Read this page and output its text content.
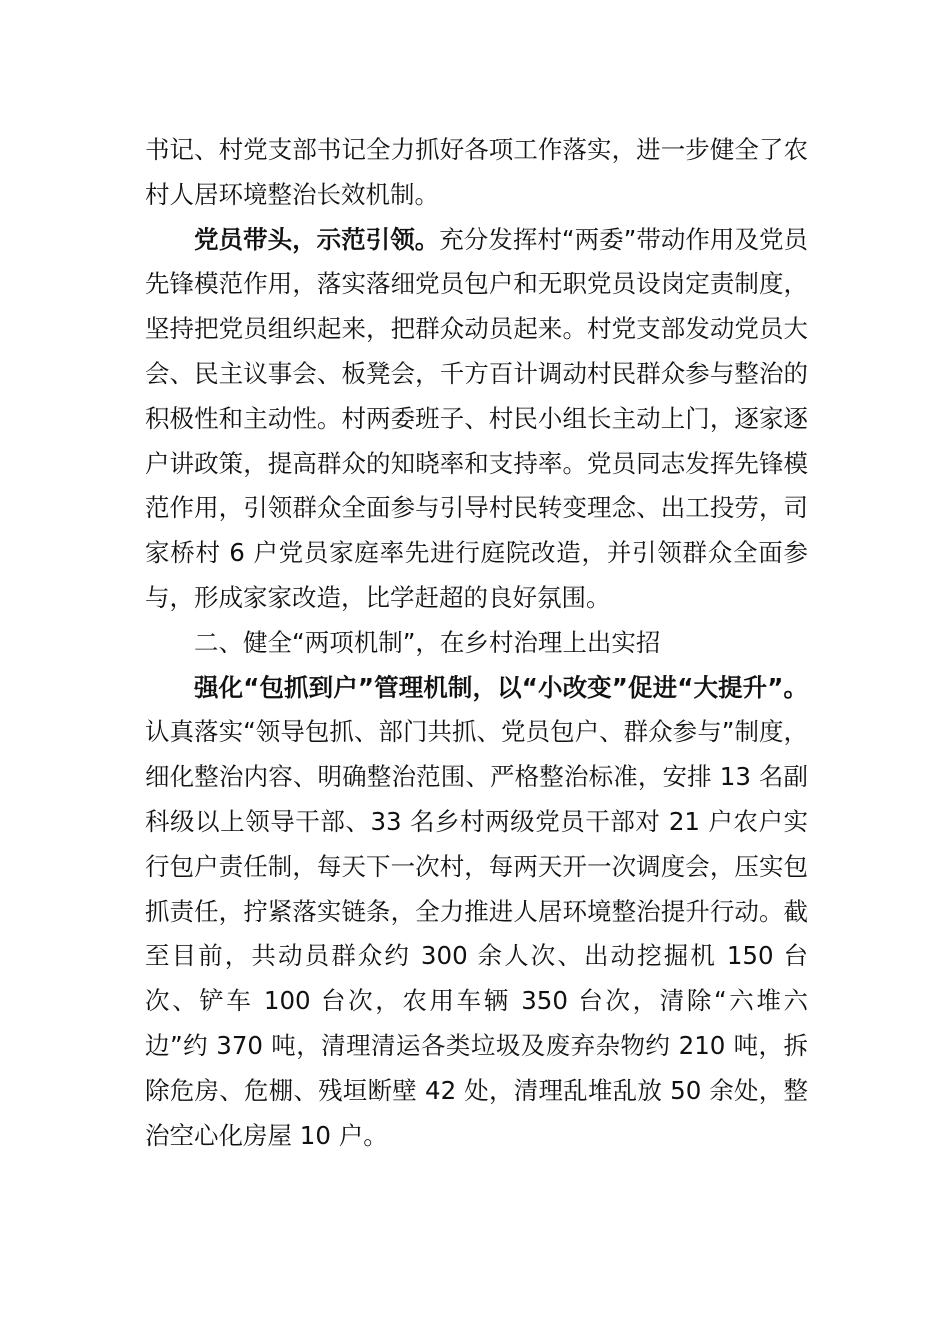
书记、村党支部书记全力抓好各项工作落实，进一步健全了农村人居环境整治长效机制。

党员带头，示范引领。充分发挥村“两委”带动作用及党员先锋模范作用，落实落细党员包户和无职党员设岗定责制度，坚持把党员组织起来，把群众动员起来。村党支部发动党员大会、民主议事会、板凳会，千方百计调动村民群众参与整治的积极性和主动性。村两委班子、村民小组长主动上门，逐家逐户讲政策，提高群众的知晓率和支持率。党员同志发挥先锋模范作用，引领群众全面参与引导村民转变理念、出工投劳，司家桥村 6 户党员家庭率先进行庭院改造，并引领群众全面参与，形成家家改造，比学赶超的良好氛围。

二、健全“两项机制”，在乡村治理上出实招

强化“包抓到户”管理机制，以“小改变”促进“大提升”。认真落实“领导包抓、部门共抓、党员包户、群众参与”制度，细化整治内容、明确整治范围、严格整治标准，安排 13 名副科级以上领导干部、33 名乡村两级党员干部对 21 户农户实行包户责任制，每天下一次村，每两天开一次调度会，压实包抓责任，拧紧落实链条，全力推进人居环境整治提升行动。截至目前，共动员群众约 300 余人次、出动挖掘机 150 台次、铲车 100 台次，农用车辆 350 台次，清除“六堆六边”约 370 吨，清理清运各类垃圾及废弃杂物约 210 吨，拆除危房、危棚、残垣断壁 42 处，清理乱堆乱放 50 余处，整治空心化房屋 10 户。
